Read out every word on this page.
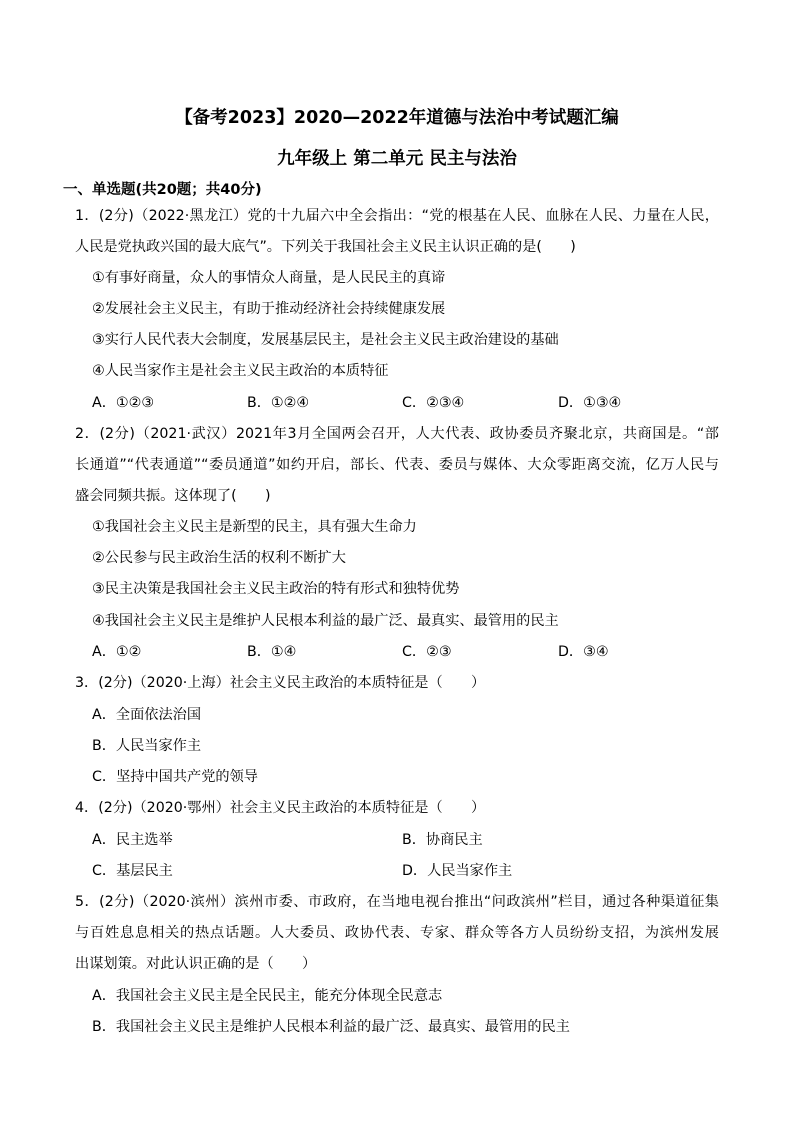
【备考2023】2020—2022年道德与法治中考试题汇编
九年级上 第二单元 民主与法治
一、单选题(共20题；共40分)
1．(2分)（2022·黑龙江）党的十九届六中全会指出：“党的根基在人民、血脉在人民、力量在人民，
人民是党执政兴国的最大底气”。下列关于我国社会主义民主认识正确的是(　　)
①有事好商量，众人的事情众人商量，是人民民主的真谛
②发展社会主义民主，有助于推动经济社会持续健康发展
③实行人民代表大会制度，发展基层民主，是社会主义民主政治建设的基础
④人民当家作主是社会主义民主政治的本质特征
A．①②③	B．①②④	C．②③④	D．①③④
2．(2分)（2021·武汉）2021年3月全国两会召开，人大代表、政协委员齐聚北京，共商国是。“部
长通道”“代表通道”“委员通道”如约开启，部长、代表、委员与媒体、大众零距离交流，亿万人民与
盛会同频共振。这体现了(　　)
①我国社会主义民主是新型的民主，具有强大生命力
②公民参与民主政治生活的权利不断扩大
③民主决策是我国社会主义民主政治的特有形式和独特优势
④我国社会主义民主是维护人民根本利益的最广泛、最真实、最管用的民主
A．①②	B．①④	C．②③	D．③④
3．(2分)（2020·上海）社会主义民主政治的本质特征是（　　）
A．全面依法治国
B．人民当家作主
C．坚持中国共产党的领导
4．(2分)（2020·鄂州）社会主义民主政治的本质特征是（　　）
A．民主选举	B．协商民主
C．基层民主	D．人民当家作主
5．(2分)（2020·滨州）滨州市委、市政府，在当地电视台推出“问政滨州”栏目，通过各种渠道征集
与百姓息息相关的热点话题。人大委员、政协代表、专家、群众等各方人员纷纷支招，为滨州发展
出谋划策。对此认识正确的是（　　）
A．我国社会主义民主是全民民主，能充分体现全民意志
B．我国社会主义民主是维护人民根本利益的最广泛、最真实、最管用的民主
